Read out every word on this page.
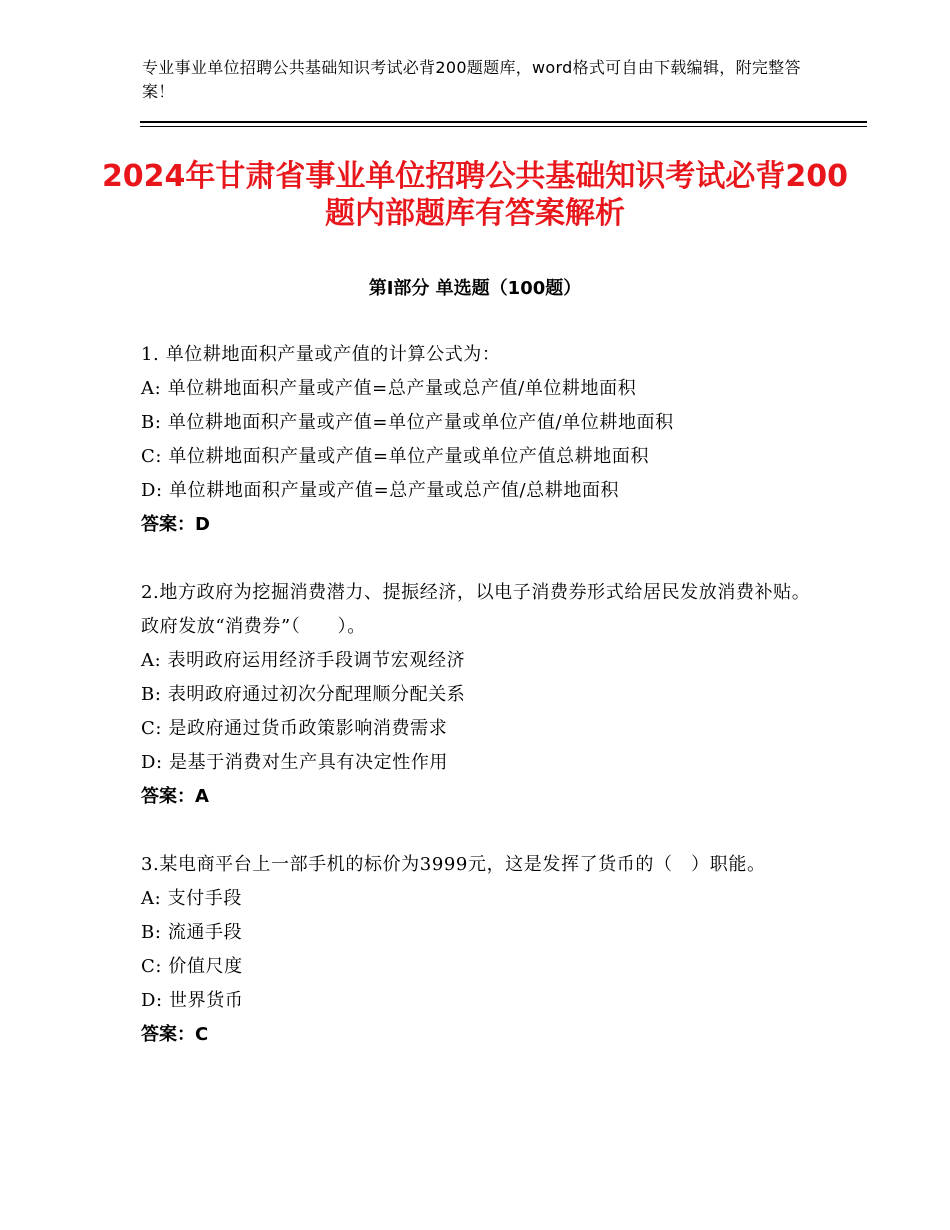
专业事业单位招聘公共基础知识考试必背200题题库，word格式可自由下载编辑，附完整答案！
2024年甘肃省事业单位招聘公共基础知识考试必背200题内部题库有答案解析
第Ⅰ部分 单选题（100题）
1. 单位耕地面积产量或产值的计算公式为：
A: 单位耕地面积产量或产值=总产量或总产值/单位耕地面积
B: 单位耕地面积产量或产值=单位产量或单位产值/单位耕地面积
C: 单位耕地面积产量或产值=单位产量或单位产值总耕地面积
D: 单位耕地面积产量或产值=总产量或总产值/总耕地面积
答案：D
2.地方政府为挖掘消费潜力、提振经济，以电子消费券形式给居民发放消费补贴。政府发放“消费券”（　　）。
A: 表明政府运用经济手段调节宏观经济
B: 表明政府通过初次分配理顺分配关系
C: 是政府通过货币政策影响消费需求
D: 是基于消费对生产具有决定性作用
答案：A
3.某电商平台上一部手机的标价为3999元，这是发挥了货币的（　）职能。
A: 支付手段
B: 流通手段
C: 价值尺度
D: 世界货币
答案：C
